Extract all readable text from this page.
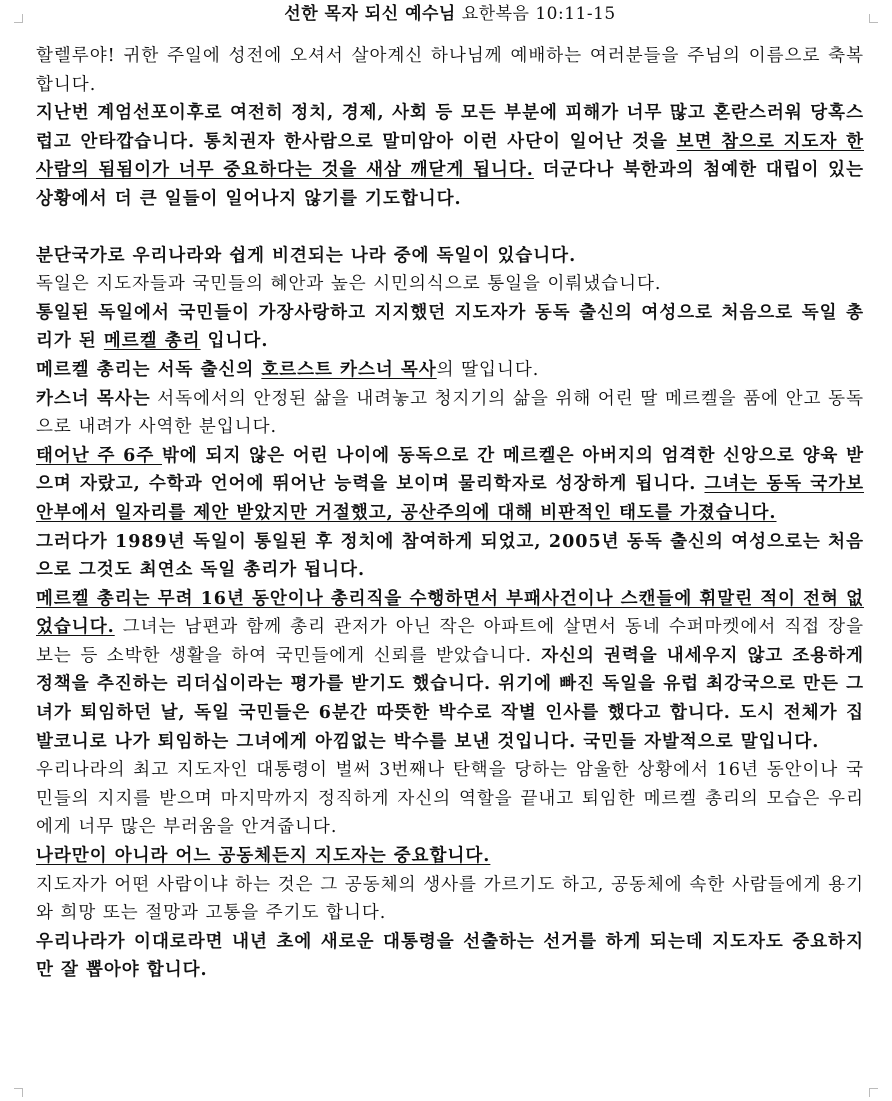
선한 목자 되신 예수님 요한복음 10:11-15

할렐루야! 귀한 주일에 성전에 오셔서 살아계신 하나님께 예배하는 여러분들을 주님의 이름으로 축복합니다.

지난번 계엄선포이후로 여전히 정치, 경제, 사회 등 모든 부분에 피해가 너무 많고 혼란스러워 당혹스럽고 안타깝습니다. 통치권자 한사람으로 말미암아 이런 사단이 일어난 것을 보면 참으로 지도자 한 사람의 됨됨이가 너무 중요하다는 것을 새삼 깨닫게 됩니다. 더군다나 북한과의 첨예한 대립이 있는 상황에서 더 큰 일들이 일어나지 않기를 기도합니다.

분단국가로 우리나라와 쉽게 비견되는 나라 중에 독일이 있습니다.

독일은 지도자들과 국민들의 혜안과 높은 시민의식으로 통일을 이뤄냈습니다.

통일된 독일에서 국민들이 가장사랑하고 지지했던 지도자가 동독 출신의 여성으로 처음으로 독일 총리가 된 메르켈 총리 입니다.

메르켈 총리는 서독 출신의 호르스트 카스너 목사의 딸입니다.

카스너 목사는 서독에서의 안정된 삶을 내려놓고 청지기의 삶을 위해 어린 딸 메르켈을 품에 안고 동독으로 내려가 사역한 분입니다.

태어난 주 6주 밖에 되지 않은 어린 나이에 동독으로 간 메르켈은 아버지의 엄격한 신앙으로 양육 받으며 자랐고, 수학과 언어에 뛰어난 능력을 보이며 물리학자로 성장하게 됩니다. 그녀는 동독 국가보안부에서 일자리를 제안 받았지만 거절했고, 공산주의에 대해 비판적인 태도를 가졌습니다.

그러다가 1989년 독일이 통일된 후 정치에 참여하게 되었고, 2005년 동독 출신의 여성으로는 처음으로 그것도 최연소 독일 총리가 됩니다.

메르켈 총리는 무려 16년 동안이나 총리직을 수행하면서 부패사건이나 스캔들에 휘말린 적이 전혀 없었습니다. 그녀는 남편과 함께 총리 관저가 아닌 작은 아파트에 살면서 동네 수퍼마켓에서 직접 장을 보는 등 소박한 생활을 하여 국민들에게 신뢰를 받았습니다. 자신의 권력을 내세우지 않고 조용하게 정책을 추진하는 리더십이라는 평가를 받기도 했습니다. 위기에 빠진 독일을 유럽 최강국으로 만든 그녀가 퇴임하던 날, 독일 국민들은 6분간 따뜻한 박수로 작별 인사를 했다고 합니다. 도시 전체가 집 발코니로 나가 퇴임하는 그녀에게 아낌없는 박수를 보낸 것입니다. 국민들 자발적으로 말입니다.

우리나라의 최고 지도자인 대통령이 벌써 3번째나 탄핵을 당하는 암울한 상황에서 16년 동안이나 국민들의 지지를 받으며 마지막까지 정직하게 자신의 역할을 끝내고 퇴임한 메르켈 총리의 모습은 우리에게 너무 많은 부러움을 안겨줍니다.

나라만이 아니라 어느 공동체든지 지도자는 중요합니다.

지도자가 어떤 사람이냐 하는 것은 그 공동체의 생사를 가르기도 하고, 공동체에 속한 사람들에게 용기와 희망 또는 절망과 고통을 주기도 합니다.

우리나라가 이대로라면 내년 초에 새로운 대통령을 선출하는 선거를 하게 되는데 지도자도 중요하지만 잘 뽑아야 합니다.
